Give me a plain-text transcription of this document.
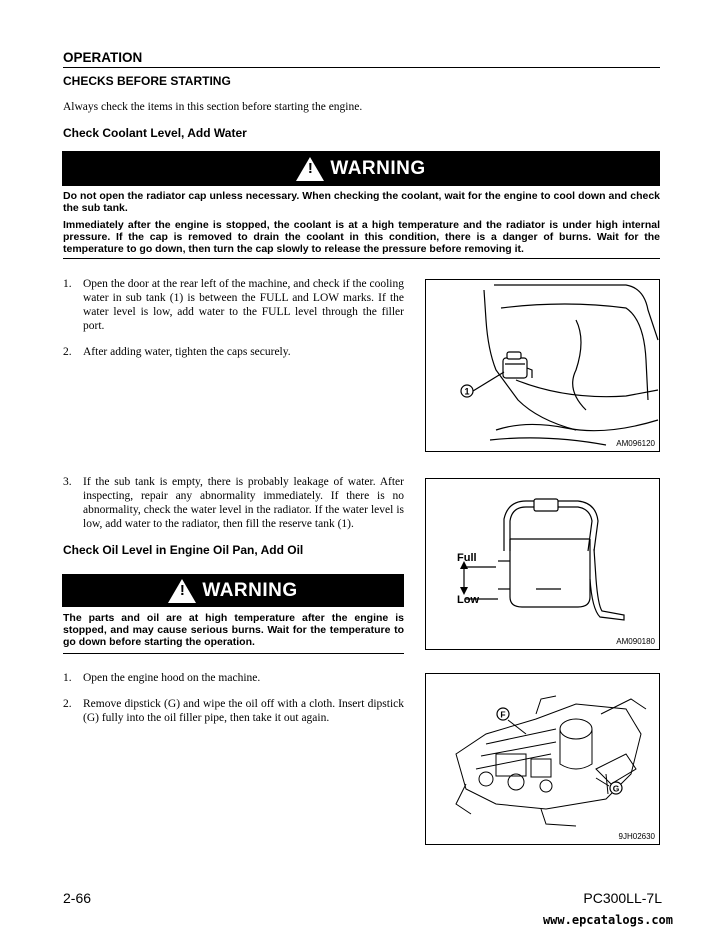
OPERATION
CHECKS BEFORE STARTING
Always check the items in this section before starting the engine.
Check Coolant Level, Add Water
! WARNING
Do not open the radiator cap unless necessary. When checking the coolant, wait for the engine to cool down and check the sub tank.
Immediately after the engine is stopped, the coolant is at a high temperature and the radiator is under high internal pressure. If the cap is removed to drain the coolant in this condition, there is a danger of burns. Wait for the temperature to go down, then turn the cap slowly to release the pressure before removing it.
1. Open the door at the rear left of the machine, and check if the cooling water in sub tank (1) is between the FULL and LOW marks. If the water level is low, add water to the FULL level through the filler port.
2. After adding water, tighten the caps securely.
1
AM096120
3. If the sub tank is empty, there is probably leakage of water. After inspecting, repair any abnormality immediately. If there is no abnormality, check the water level in the radiator. If the water level is low, add water to the radiator, then fill the reserve tank (1).
Full
Low
AM090180
Check Oil Level in Engine Oil Pan, Add Oil
! WARNING
The parts and oil are at high temperature after the engine is stopped, and may cause serious burns. Wait for the temperature to go down before starting the operation.
1. Open the engine hood on the machine.
2. Remove dipstick (G) and wipe the oil off with a cloth. Insert dipstick (G) fully into the oil filler pipe, then take it out again.	F
G
9JH02630
2-66	PC300LL-7L
www.epcatalogs.com
